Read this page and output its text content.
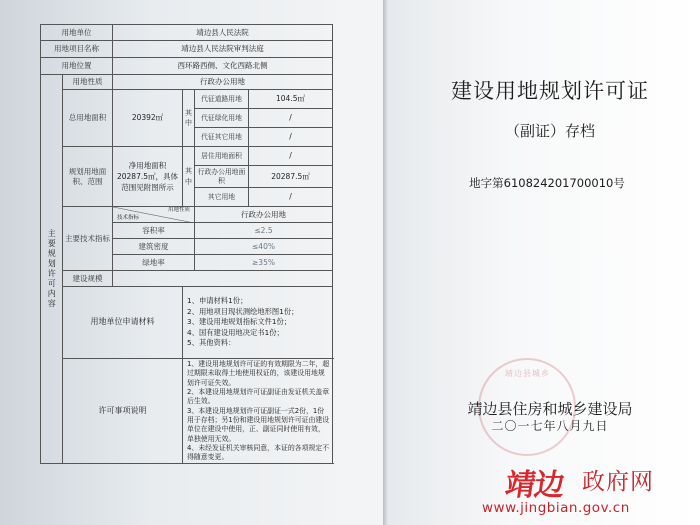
用地单位		靖边县人民法院			
用地项目名称		靖边县人民法院审判法庭			
用地位置		西环路西侧、文化西路北侧			
主要规划许可内容	用地性质	行政办公用地			
	总用地面积	20392㎡	其中	代征道路用地	104.5㎡
				代征绿化用地	/
				代征其它用地	/
	规划用地面积、范围	净用地面积20287.5㎡，具体范围见附图所示	其中	居住用地面积	/
				行政办公用地面积	20287.5㎡
				其它用地	/
	主要技术指标	用地性质
技术指标		行政办公用地	
		容积率		≤2.5	
		建筑密度		≤40%	
		绿地率		≥35%	
	建设规模				
	用地单位申请材料		1、申请材料1份；
2、用地项目现状测绘地形图1份；
3、建设用地规划指标文件1份；
4、国有建设用地决定书1份；
5、其他资料：		

	许可事项说明		1、建设用地规划许可证的有效期限为二年，超过期限未取得土地使用权证的，该建设用地规划许可证失效。
2、本建设用地规划许可证副证由发证机关盖章后生效。
3、本建设用地规划许可证副证一式2份，1份用于存档；另1份和建设用地规划许可证由建设单位在建设中使用，正、副证同时使用有效，单独使用无效。
4、未经发证机关审核同意，本证的各项规定不得随意变更。		
建设用地规划许可证
（副证）存档
地字第610824201700010号
靖边县城乡
靖边县住房和城乡建设局
二〇一七年八月九日
靖边 政府网
www.jingbian.gov.cn
